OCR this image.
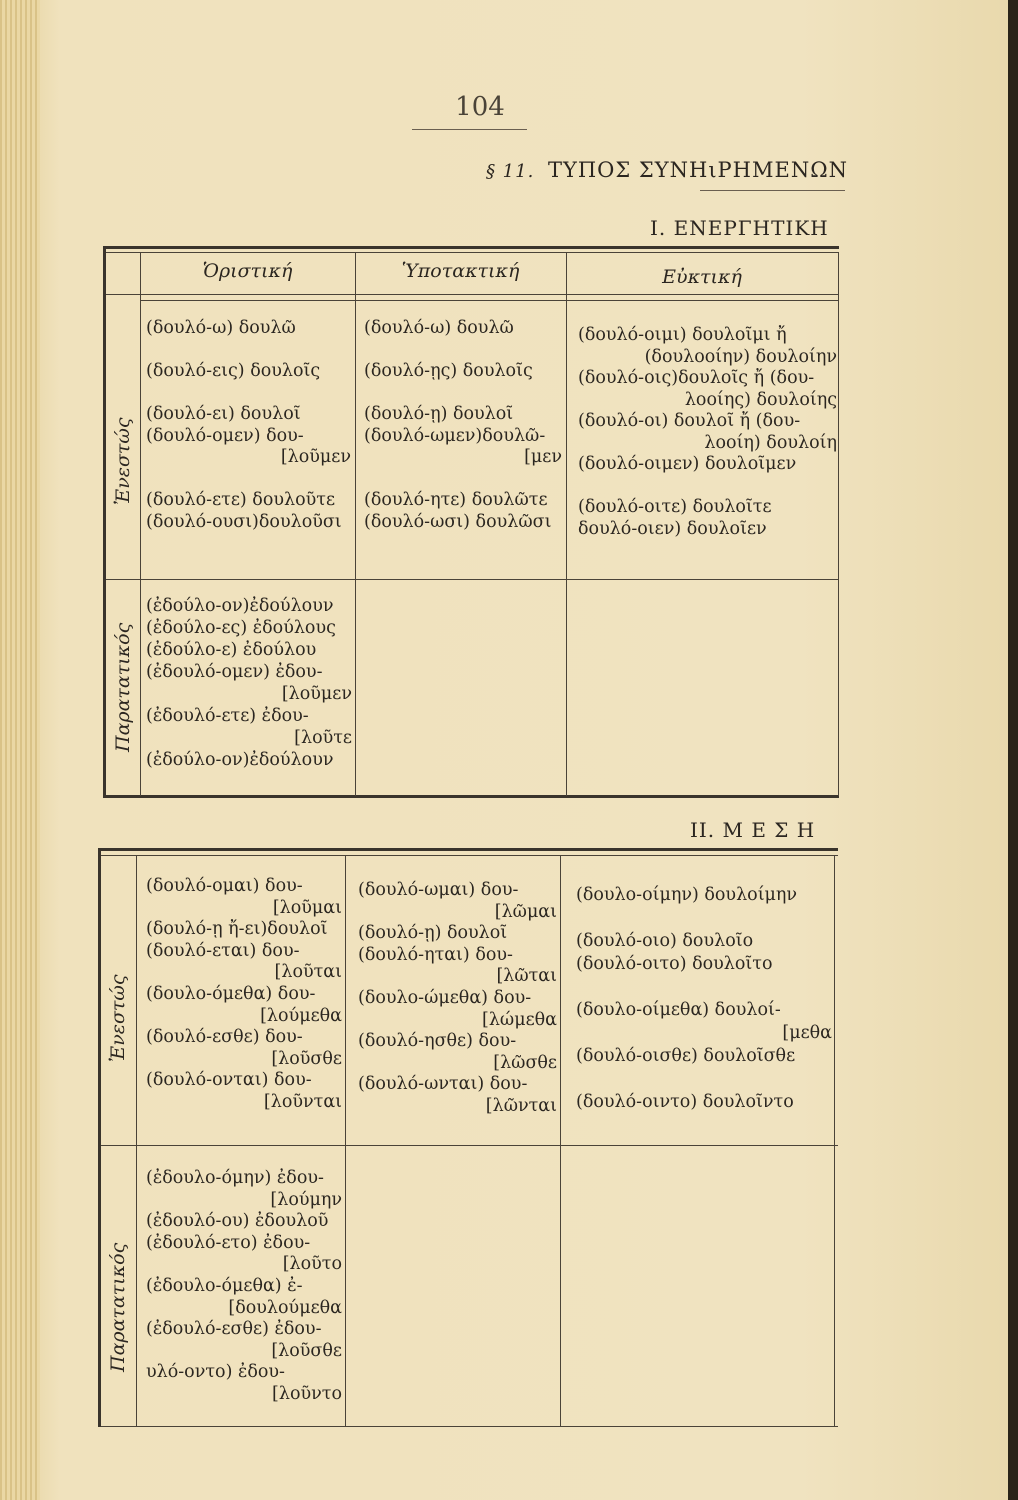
104
§ 11. ΤΥΠΟΣ ΣΥΝΗιΡΗΜΕΝΩΝ
I. ΕΝΕΡΓΗΤΙΚΗ
Ὁριστική	Ὑποτακτική	Εὐκτική
Ἐνεστώς
Παρατατικός
(δουλό-ω) δουλῶ

(δουλό-εις) δουλοῖς

(δουλό-ει) δουλοῖ
(δουλό-ομεν) δου-
[λοῦμεν

(δουλό-ετε) δουλοῦτε
(δουλό-ουσι)δουλοῦσι
(δουλό-ω) δουλῶ

(δουλό-ῃς) δουλοῖς

(δουλό-ῃ) δουλοῖ
(δουλό-ωμεν)δουλῶ-
[μεν

(δουλό-ητε) δουλῶτε
(δουλό-ωσι) δουλῶσι
(δουλό-οιμι) δουλοῖμι ἤ
(δουλοοίην) δουλοίην
(δουλό-οις)δουλοῖς ἤ (δου-
λοοίης) δουλοίης
(δουλό-οι) δουλοῖ ἤ (δου-
λοοίη) δουλοίη
(δουλό-οιμεν) δουλοῖμεν

(δουλό-οιτε) δουλοῖτε
δουλό-οιεν) δουλοῖεν
(ἐδούλο-ον)ἐδούλουν
(ἐδούλο-ες) ἐδούλους
(ἐδούλο-ε) ἐδούλου
(ἐδουλό-ομεν) ἐδου-
[λοῦμεν
(ἐδουλό-ετε) ἐδου-
[λοῦτε
(ἐδούλο-ον)ἐδούλουν
II. Μ Ε Σ Η
Ἐνεστώς
Παρατατικός
(δουλό-ομαι) δου-
[λοῦμαι
(δουλό-ῃ ἤ-ει)δουλοῖ
(δουλό-εται) δου-
[λοῦται
(δουλο-όμεθα) δου-
[λούμεθα
(δουλό-εσθε) δου-
[λοῦσθε
(δουλό-ονται) δου-
[λοῦνται
(δουλό-ωμαι) δου-
[λῶμαι
(δουλό-ῃ) δουλοῖ
(δουλό-ηται) δου-
[λῶται
(δουλο-ώμεθα) δου-
[λώμεθα
(δουλό-ησθε) δου-
[λῶσθε
(δουλό-ωνται) δου-
[λῶνται
(δουλο-οίμην) δουλοίμην

(δουλό-οιο) δουλοῖο
(δουλό-οιτο) δουλοῖτο

(δουλο-οίμεθα) δουλοί-
[μεθα
(δουλό-οισθε) δουλοῖσθε

(δουλό-οιντο) δουλοῖντο
(ἐδουλο-όμην) ἐδου-
[λούμην
(ἐδουλό-ου) ἐδουλοῦ
(ἐδουλό-ετο) ἐδου-
[λοῦτο
(ἐδουλο-όμεθα) ἐ-
[δουλούμεθα
(ἐδουλό-εσθε) ἐδου-
[λοῦσθε
υλό-οντο) ἐδου-
[λοῦντο
